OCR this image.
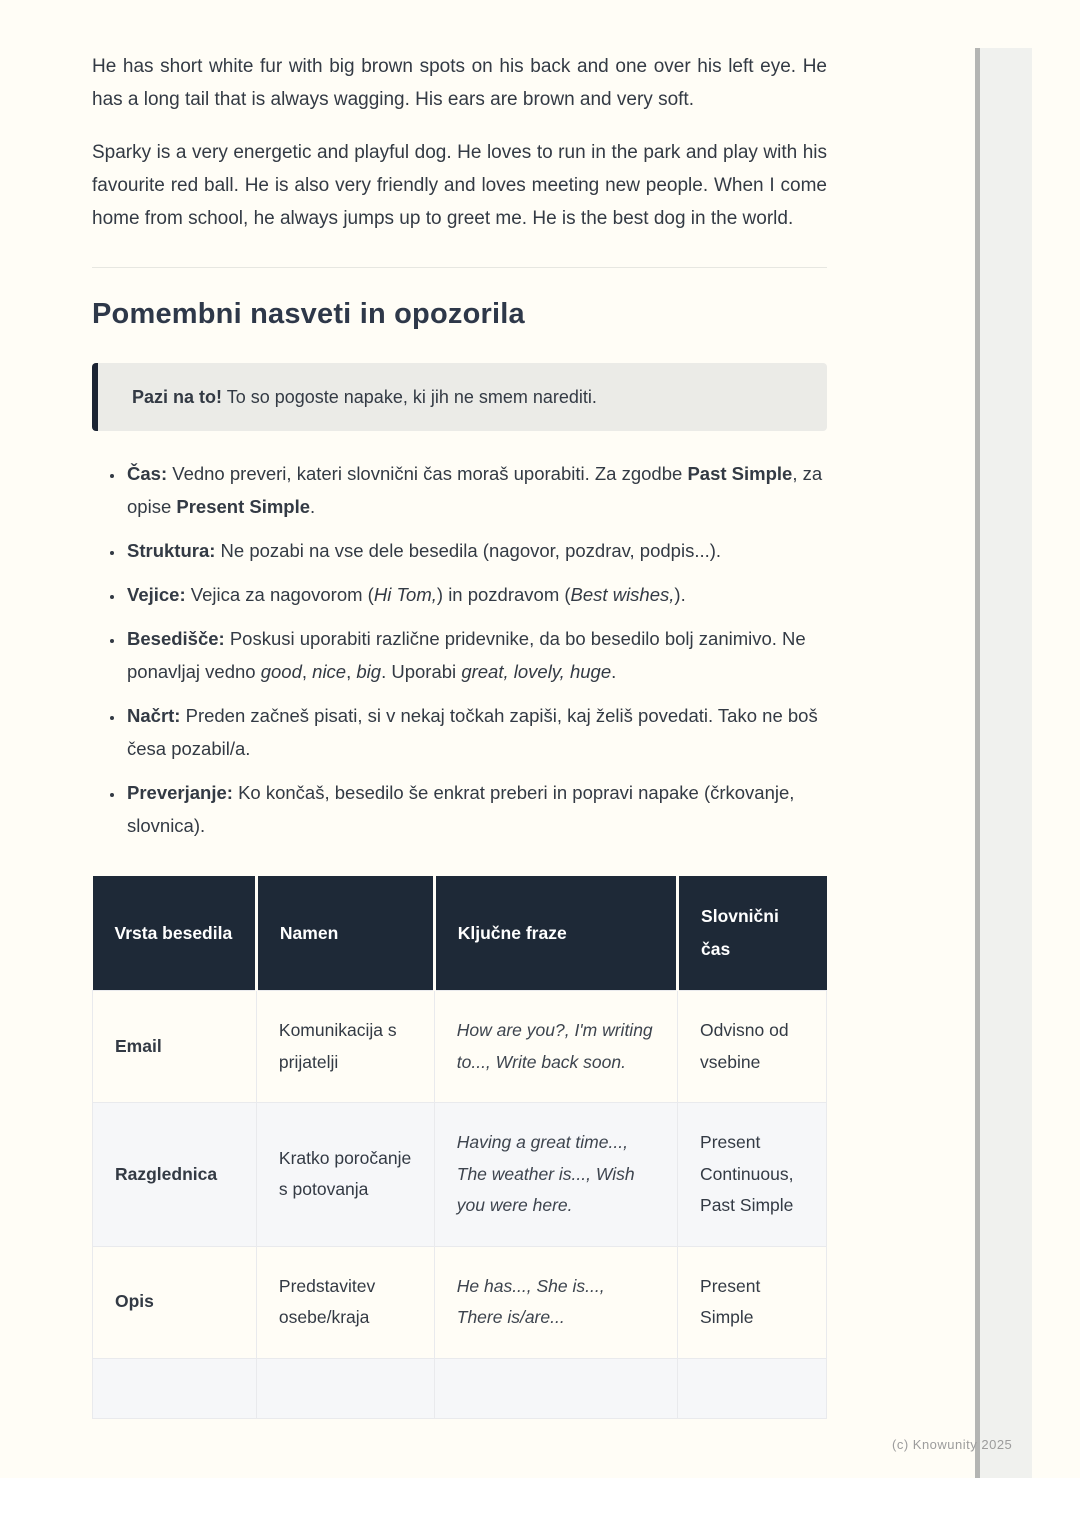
He has short white fur with big brown spots on his back and one over his left eye. He has a long tail that is always wagging. His ears are brown and very soft.

Sparky is a very energetic and playful dog. He loves to run in the park and play with his favourite red ball. He is also very friendly and loves meeting new people. When I come home from school, he always jumps up to greet me. He is the best dog in the world.

Pomembni nasveti in opozorila

Pazi na to! To so pogoste napake, ki jih ne smem narediti.

• Čas: Vedno preveri, kateri slovnični čas moraš uporabiti. Za zgodbe Past Simple, za opise Present Simple.
• Struktura: Ne pozabi na vse dele besedila (nagovor, pozdrav, podpis...).
• Vejice: Vejica za nagovorom (Hi Tom,) in pozdravom (Best wishes,).
• Besedišče: Poskusi uporabiti različne pridevnike, da bo besedilo bolj zanimivo. Ne ponavljaj vedno good, nice, big. Uporabi great, lovely, huge.
• Načrt: Preden začneš pisati, si v nekaj točkah zapiši, kaj želiš povedati. Tako ne boš česa pozabil/a.
• Preverjanje: Ko končaš, besedilo še enkrat preberi in popravi napake (črkovanje, slovnica).
Vrsta besedila	Namen	Ključne fraze	Slovnični čas
Email	Komunikacija s prijatelji	How are you?, I'm writing to..., Write back soon.	Odvisno od vsebine
Razglednica	Kratko poročanje s potovanja	Having a great time..., The weather is..., Wish you were here.	Present Continuous, Past Simple
Opis	Predstavitev osebe/kraja	He has..., She is..., There is/are...	Present Simple

(c) Knowunity 2025
